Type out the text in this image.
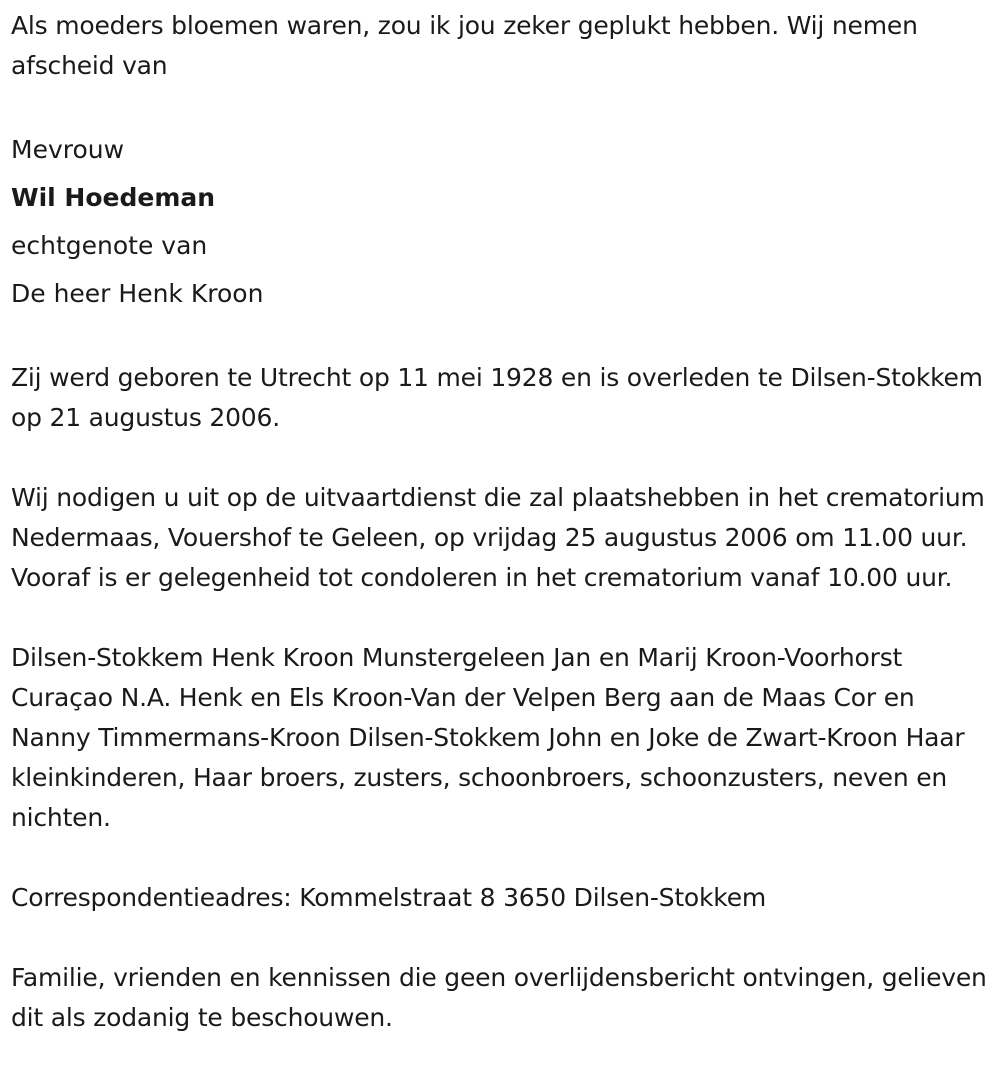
Als moeders bloemen waren, zou ik jou zeker geplukt hebben. Wij nemen afscheid van

Mevrouw

Wil Hoedeman

echtgenote van

De heer Henk Kroon

Zij werd geboren te Utrecht op 11 mei 1928 en is overleden te Dilsen-Stokkem op 21 augustus 2006.

Wij nodigen u uit op de uitvaartdienst die zal plaatshebben in het crematorium Nedermaas, Vouershof te Geleen, op vrijdag 25 augustus 2006 om 11.00 uur. Vooraf is er gelegenheid tot condoleren in het crematorium vanaf 10.00 uur.

Dilsen-Stokkem Henk Kroon Munstergeleen Jan en Marij Kroon-Voorhorst Curaçao N.A. Henk en Els Kroon-Van der Velpen Berg aan de Maas Cor en Nanny Timmermans-Kroon Dilsen-Stokkem John en Joke de Zwart-Kroon Haar kleinkinderen, Haar broers, zusters, schoonbroers, schoonzusters, neven en nichten.

Correspondentieadres: Kommelstraat 8 3650 Dilsen-Stokkem

Familie, vrienden en kennissen die geen overlijdensbericht ontvingen, gelieven dit als zodanig te beschouwen.
